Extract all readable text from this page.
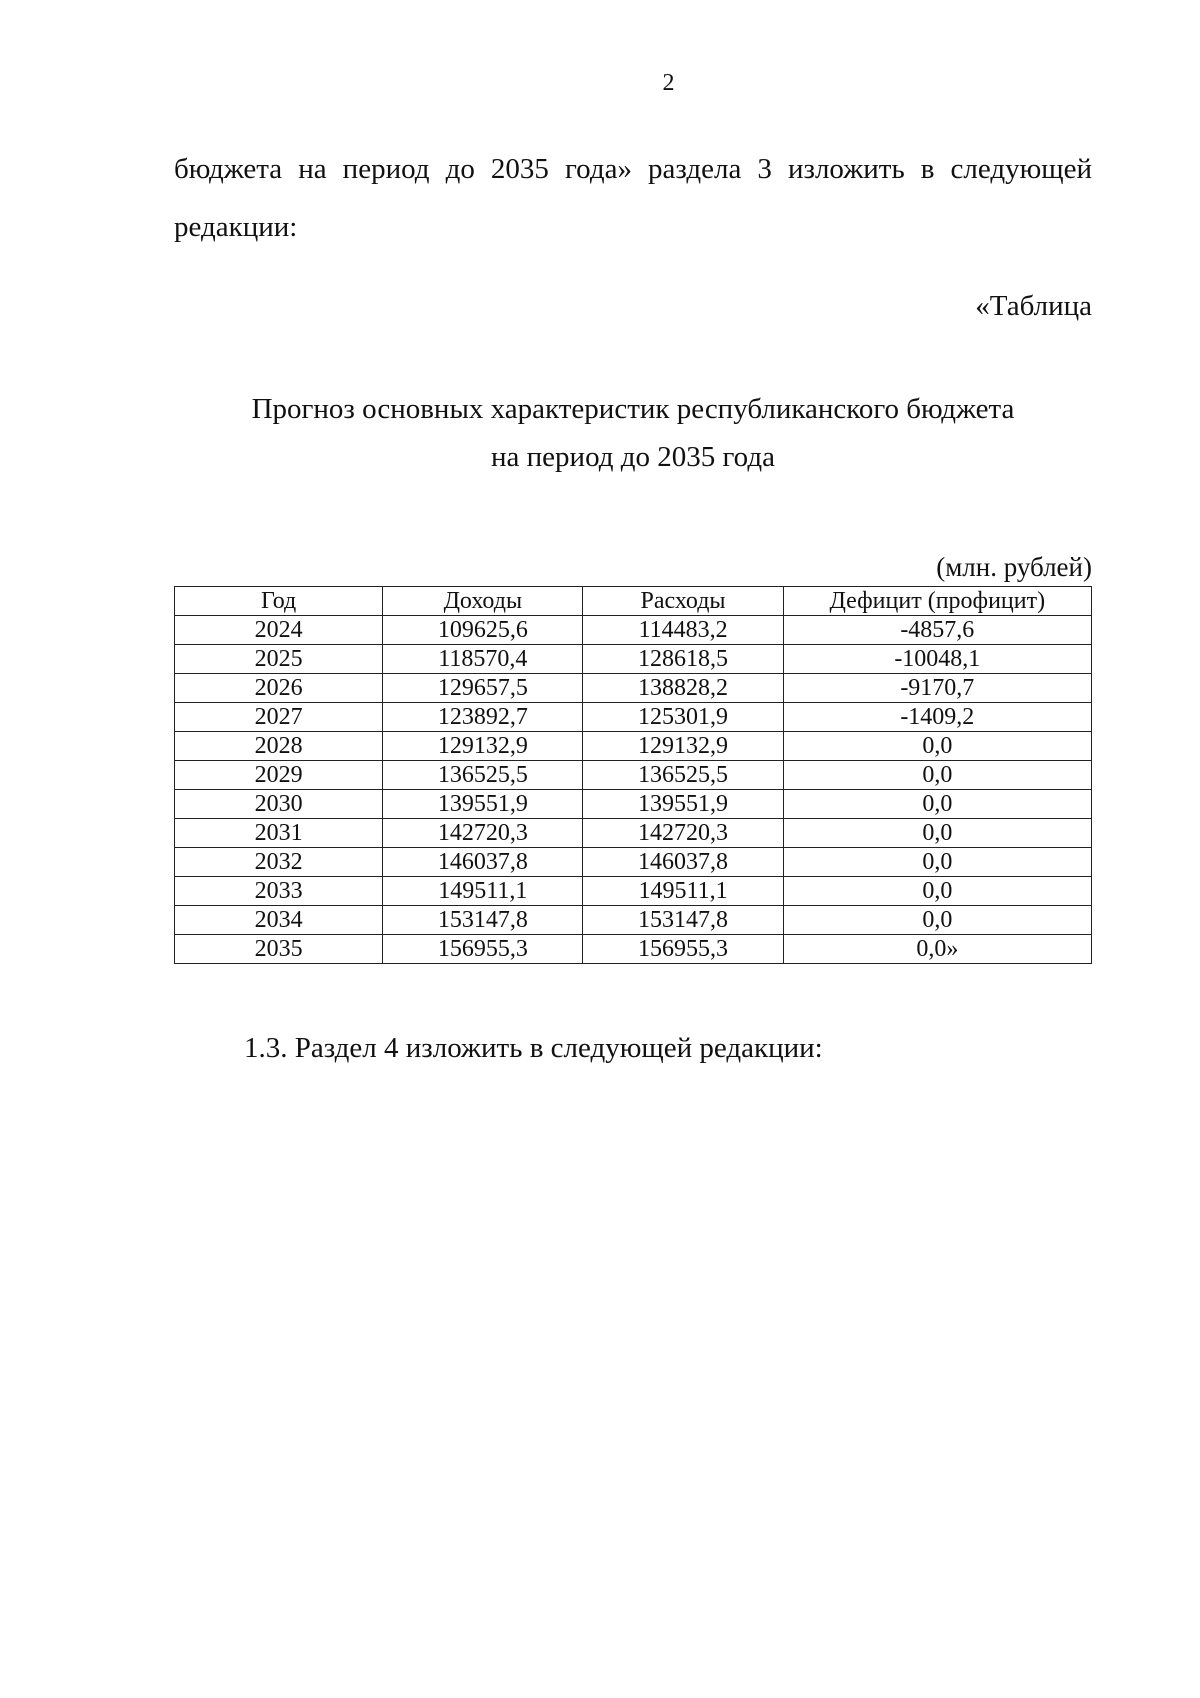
2
бюджета на период до 2035 года» раздела 3 изложить в следующей редакции:
«Таблица
Прогноз основных характеристик республиканского бюджета
на период до 2035 года
(млн. рублей)
Год	Доходы	Расходы	Дефицит (профицит)
2024	109625,6	114483,2	-4857,6
2025	118570,4	128618,5	-10048,1
2026	129657,5	138828,2	-9170,7
2027	123892,7	125301,9	-1409,2
2028	129132,9	129132,9	0,0
2029	136525,5	136525,5	0,0
2030	139551,9	139551,9	0,0
2031	142720,3	142720,3	0,0
2032	146037,8	146037,8	0,0
2033	149511,1	149511,1	0,0
2034	153147,8	153147,8	0,0
2035	156955,3	156955,3	0,0»
1.3. Раздел 4 изложить в следующей редакции:
